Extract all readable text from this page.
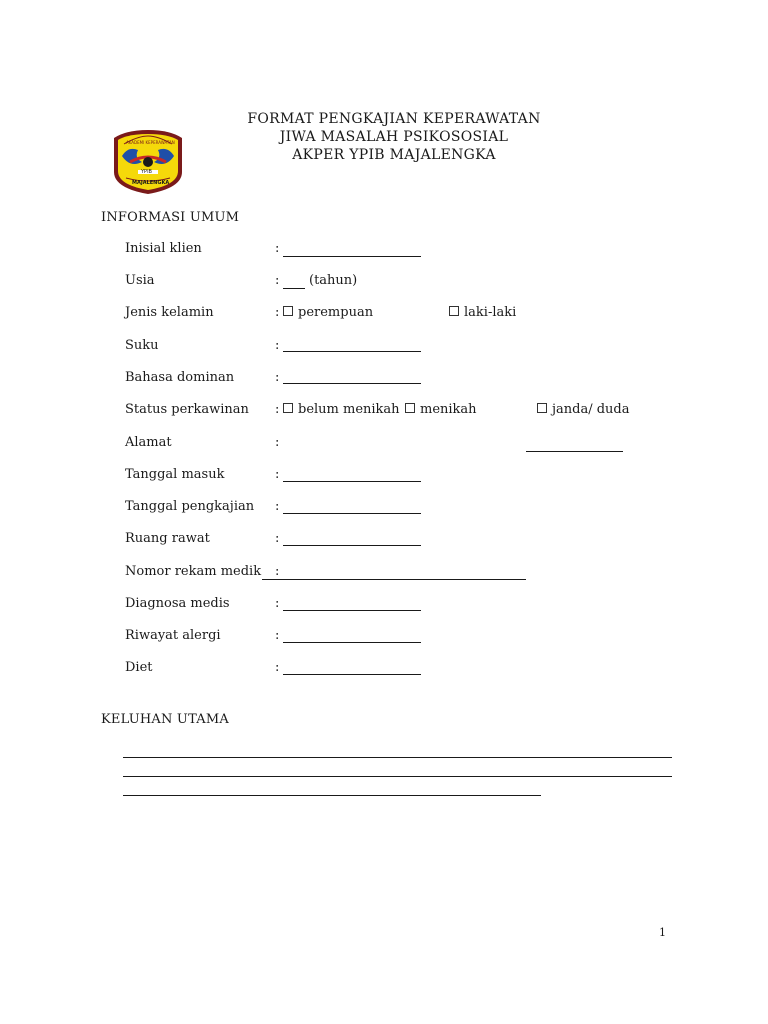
AKADEMI KEPERAWATAN
YPIB
MAJALENGKA
FORMAT PENGKAJIAN KEPERAWATAN
JIWA MASALAH PSIKOSOSIAL
AKPER YPIB MAJALENGKA
INFORMASI UMUM
Inisial klien	:
Usia	: (tahun)
Jenis kelamin	:	perempuan	laki-laki
Suku	:
Bahasa dominan	:
Status perkawinan :	belum menikah	menikah	janda/ duda
Alamat	:
Tanggal masuk	:
Tanggal pengkajian :
Ruang rawat	:
Nomor rekam medik :
Diagnosa medis	:
Riwayat alergi	:
Diet	:
KELUHAN UTAMA
1
